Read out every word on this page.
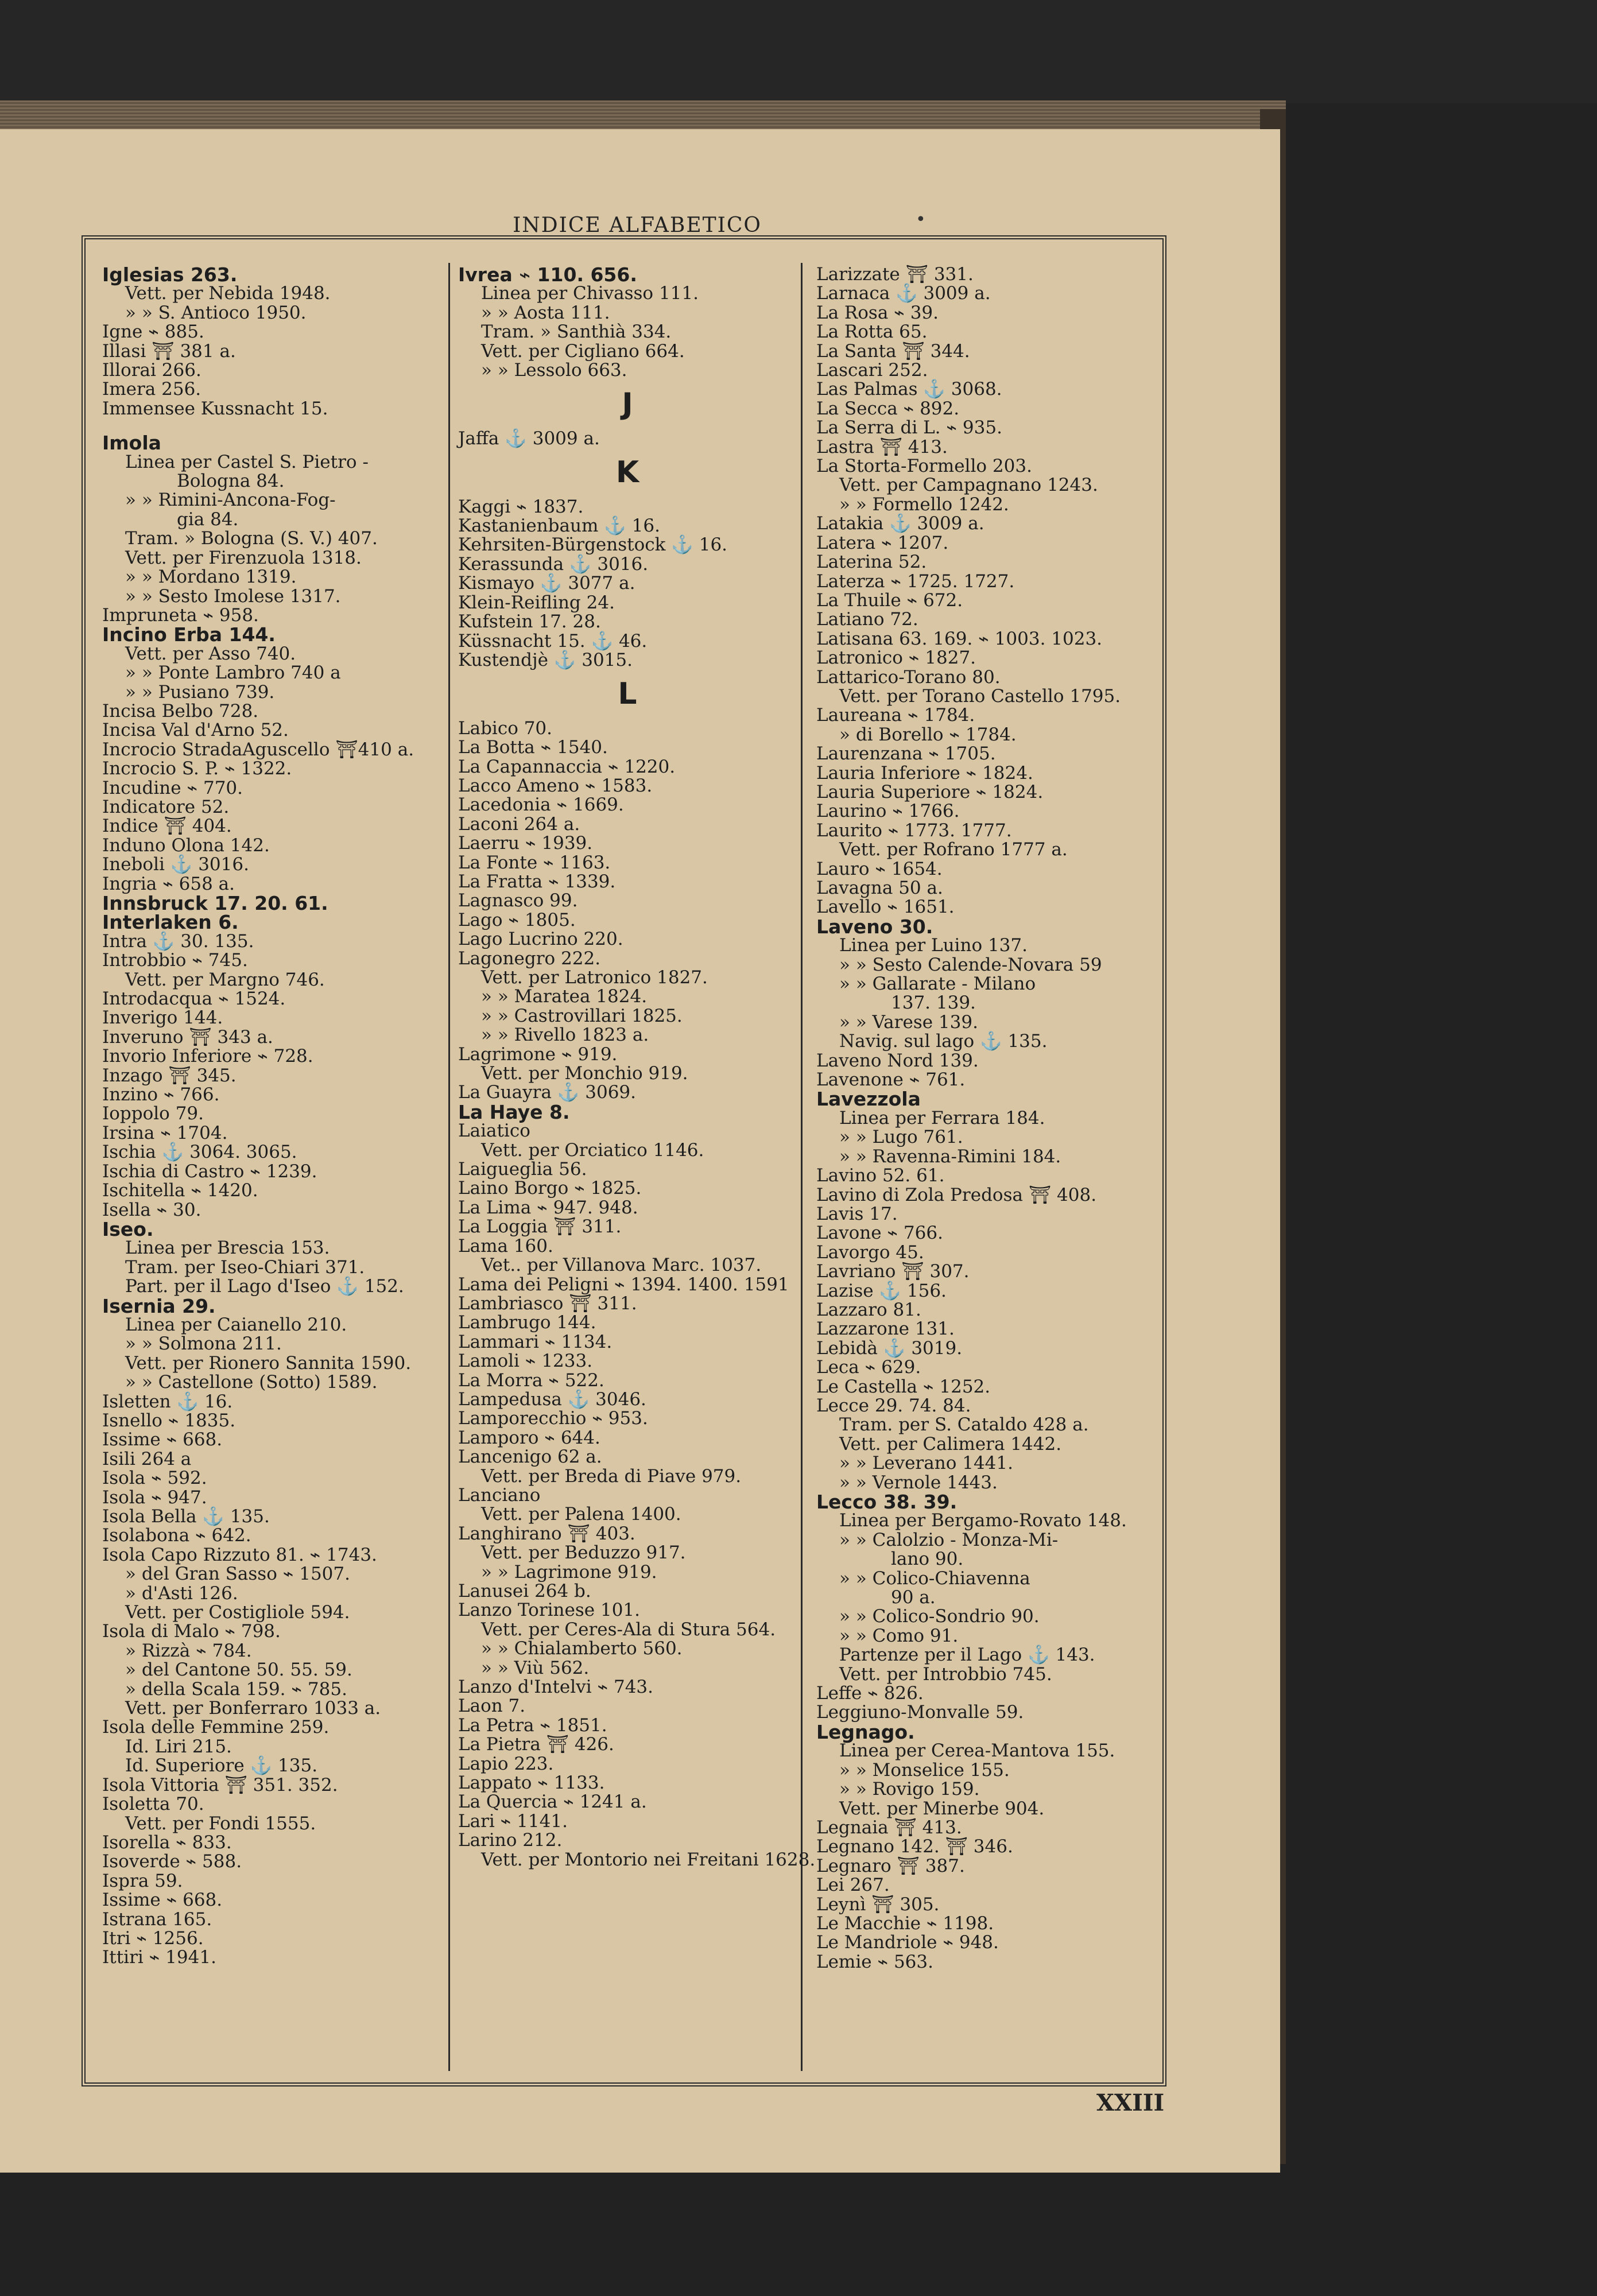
INDICE ALFABETICO	•
Iglesias 263.
Vett. per Nebida 1948.
» » S. Antioco 1950.
Igne ⌁ 885.
Illasi ⛩ 381 a.
Illorai 266.
Imera 256.
Immensee Kussnacht 15.
Imola
Linea per Castel S. Pietro -
Bologna 84.
» » Rimini-Ancona-Fog-
gia 84.
Tram. » Bologna (S. V.) 407.
Vett. per Firenzuola 1318.
» » Mordano 1319.
» » Sesto Imolese 1317.
Impruneta ⌁ 958.
Incino Erba 144.
Vett. per Asso 740.
» » Ponte Lambro 740 a
» » Pusiano 739.
Incisa Belbo 728.
Incisa Val d'Arno 52.
Incrocio StradaAguscello ⛩410 a.
Incrocio S. P. ⌁ 1322.
Incudine ⌁ 770.
Indicatore 52.
Indice ⛩ 404.
Induno Olona 142.
Ineboli ⚓ 3016.
Ingria ⌁ 658 a.
Innsbruck 17. 20. 61.
Interlaken 6.
Intra ⚓ 30. 135.
Introbbio ⌁ 745.
Vett. per Margno 746.
Introdacqua ⌁ 1524.
Inverigo 144.
Inveruno ⛩ 343 a.
Invorio Inferiore ⌁ 728.
Inzago ⛩ 345.
Inzino ⌁ 766.
Ioppolo 79.
Irsina ⌁ 1704.
Ischia ⚓ 3064. 3065.
Ischia di Castro ⌁ 1239.
Ischitella ⌁ 1420.
Isella ⌁ 30.
Iseo.
Linea per Brescia 153.
Tram. per Iseo-Chiari 371.
Part. per il Lago d'Iseo ⚓ 152.
Isernia 29.
Linea per Caianello 210.
» » Solmona 211.
Vett. per Rionero Sannita 1590.
» » Castellone (Sotto) 1589.
Isletten ⚓ 16.
Isnello ⌁ 1835.
Issime ⌁ 668.
Isili 264 a
Isola ⌁ 592.
Isola ⌁ 947.
Isola Bella ⚓ 135.
Isolabona ⌁ 642.
Isola Capo Rizzuto 81. ⌁ 1743.
» del Gran Sasso ⌁ 1507.
» d'Asti 126.
Vett. per Costigliole 594.
Isola di Malo ⌁ 798.
» Rizzà ⌁ 784.
» del Cantone 50. 55. 59.
» della Scala 159. ⌁ 785.
Vett. per Bonferraro 1033 a.
Isola delle Femmine 259.
Id. Liri 215.
Id. Superiore ⚓ 135.
Isola Vittoria ⛩ 351. 352.
Isoletta 70.
Vett. per Fondi 1555.
Isorella ⌁ 833.
Isoverde ⌁ 588.
Ispra 59.
Issime ⌁ 668.
Istrana 165.
Itri ⌁ 1256.
Ittiri ⌁ 1941.
Ivrea ⌁ 110. 656.
Linea per Chivasso 111.
» » Aosta 111.
Tram. » Santhià 334.
Vett. per Cigliano 664.
» » Lessolo 663.
J
Jaffa ⚓ 3009 a.
K
Kaggi ⌁ 1837.
Kastanienbaum ⚓ 16.
Kehrsiten-Bürgenstock ⚓ 16.
Kerassunda ⚓ 3016.
Kismayo ⚓ 3077 a.
Klein-Reifling 24.
Kufstein 17. 28.
Küssnacht 15. ⚓ 46.
Kustendjè ⚓ 3015.
L
Labico 70.
La Botta ⌁ 1540.
La Capannaccia ⌁ 1220.
Lacco Ameno ⌁ 1583.
Lacedonia ⌁ 1669.
Laconi 264 a.
Laerru ⌁ 1939.
La Fonte ⌁ 1163.
La Fratta ⌁ 1339.
Lagnasco 99.
Lago ⌁ 1805.
Lago Lucrino 220.
Lagonegro 222.
Vett. per Latronico 1827.
» » Maratea 1824.
» » Castrovillari 1825.
» » Rivello 1823 a.
Lagrimone ⌁ 919.
Vett. per Monchio 919.
La Guayra ⚓ 3069.
La Haye 8.
Laiatico
Vett. per Orciatico 1146.
Laigueglia 56.
Laino Borgo ⌁ 1825.
La Lima ⌁ 947. 948.
La Loggia ⛩ 311.
Lama 160.
Vet.. per Villanova Marc. 1037.
Lama dei Peligni ⌁ 1394. 1400. 1591
Lambriasco ⛩ 311.
Lambrugo 144.
Lammari ⌁ 1134.
Lamoli ⌁ 1233.
La Morra ⌁ 522.
Lampedusa ⚓ 3046.
Lamporecchio ⌁ 953.
Lamporo ⌁ 644.
Lancenigo 62 a.
Vett. per Breda di Piave 979.
Lanciano
Vett. per Palena 1400.
Langhirano ⛩ 403.
Vett. per Beduzzo 917.
» » Lagrimone 919.
Lanusei 264 b.
Lanzo Torinese 101.
Vett. per Ceres-Ala di Stura 564.
» » Chialamberto 560.
» » Viù 562.
Lanzo d'Intelvi ⌁ 743.
Laon 7.
La Petra ⌁ 1851.
La Pietra ⛩ 426.
Lapio 223.
Lappato ⌁ 1133.
La Quercia ⌁ 1241 a.
Lari ⌁ 1141.
Larino 212.
Vett. per Montorio nei Freitani 1628.
Larizzate ⛩ 331.
Larnaca ⚓ 3009 a.
La Rosa ⌁ 39.
La Rotta 65.
La Santa ⛩ 344.
Lascari 252.
Las Palmas ⚓ 3068.
La Secca ⌁ 892.
La Serra di L. ⌁ 935.
Lastra ⛩ 413.
La Storta-Formello 203.
Vett. per Campagnano 1243.
» » Formello 1242.
Latakia ⚓ 3009 a.
Latera ⌁ 1207.
Laterina 52.
Laterza ⌁ 1725. 1727.
La Thuile ⌁ 672.
Latiano 72.
Latisana 63. 169. ⌁ 1003. 1023.
Latronico ⌁ 1827.
Lattarico-Torano 80.
Vett. per Torano Castello 1795.
Laureana ⌁ 1784.
» di Borello ⌁ 1784.
Laurenzana ⌁ 1705.
Lauria Inferiore ⌁ 1824.
Lauria Superiore ⌁ 1824.
Laurino ⌁ 1766.
Laurito ⌁ 1773. 1777.
Vett. per Rofrano 1777 a.
Lauro ⌁ 1654.
Lavagna 50 a.
Lavello ⌁ 1651.
Laveno 30.
Linea per Luino 137.
» » Sesto Calende-Novara 59
» » Gallarate - Milano
137. 139.
» » Varese 139.
Navig. sul lago ⚓ 135.
Laveno Nord 139.
Lavenone ⌁ 761.
Lavezzola
Linea per Ferrara 184.
» » Lugo 761.
» » Ravenna-Rimini 184.
Lavino 52. 61.
Lavino di Zola Predosa ⛩ 408.
Lavis 17.
Lavone ⌁ 766.
Lavorgo 45.
Lavriano ⛩ 307.
Lazise ⚓ 156.
Lazzaro 81.
Lazzarone 131.
Lebidà ⚓ 3019.
Leca ⌁ 629.
Le Castella ⌁ 1252.
Lecce 29. 74. 84.
Tram. per S. Cataldo 428 a.
Vett. per Calimera 1442.
» » Leverano 1441.
» » Vernole 1443.
Lecco 38. 39.
Linea per Bergamo-Rovato 148.
» » Calolzio - Monza-Mi-
lano 90.
» » Colico-Chiavenna
90 a.
» » Colico-Sondrio 90.
» » Como 91.
Partenze per il Lago ⚓ 143.
Vett. per Introbbio 745.
Leffe ⌁ 826.
Leggiuno-Monvalle 59.
Legnago.
Linea per Cerea-Mantova 155.
» » Monselice 155.
» » Rovigo 159.
Vett. per Minerbe 904.
Legnaia ⛩ 413.
Legnano 142. ⛩ 346.
Legnaro ⛩ 387.
Lei 267.
Leynì ⛩ 305.
Le Macchie ⌁ 1198.
Le Mandriole ⌁ 948.
Lemie ⌁ 563.
XXIII
